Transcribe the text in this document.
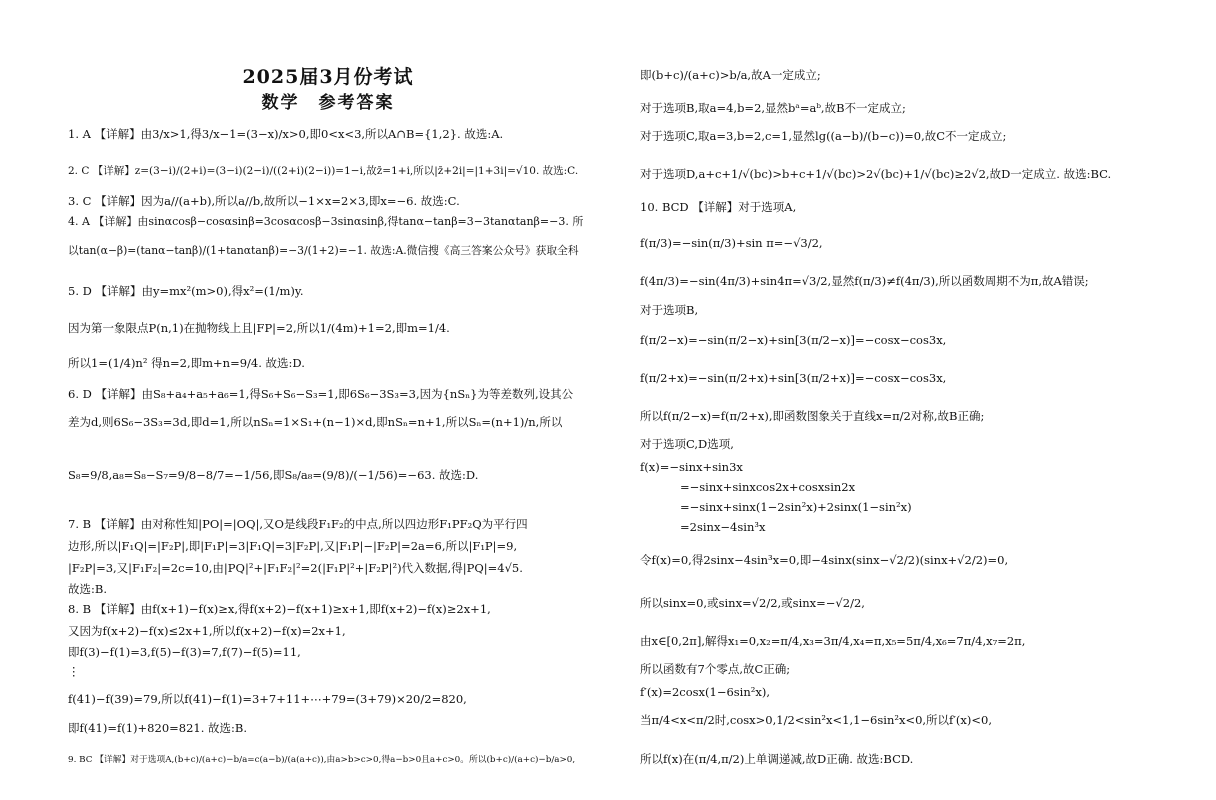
2025届3月份考试
数学　参考答案
1. A 【详解】由3/x>1,得3/x−1=(3−x)/x>0,即0<x<3,所以A∩B={1,2}. 故选:A.
2. C 【详解】z=(3−i)/(2+i)=(3−i)(2−i)/((2+i)(2−i))=1−i,故z̄=1+i,所以|z̄+2i|=|1+3i|=√10. 故选:C.
3. C 【详解】因为a//(a+b),所以a//b,故所以−1×x=2×3,即x=−6. 故选:C.
4. A 【详解】由sinαcosβ−cosαsinβ=3cosαcosβ−3sinαsinβ,得tanα−tanβ=3−3tanαtanβ=−3. 所
以tan(α−β)=(tanα−tanβ)/(1+tanαtanβ)=−3/(1+2)=−1. 故选:A.微信搜《高三答案公众号》获取全科
5. D 【详解】由y=mx²(m>0),得x²=(1/m)y.
因为第一象限点P(n,1)在抛物线上且|FP|=2,所以1/(4m)+1=2,即m=1/4.
所以1=(1/4)n² 得n=2,即m+n=9/4. 故选:D.
6. D 【详解】由S₈+a₄+a₅+a₆=1,得S₆+S₆−S₃=1,即6S₆−3S₃=3,因为{nSₙ}为等差数列,设其公
差为d,则6S₆−3S₃=3d,即d=1,所以nSₙ=1×S₁+(n−1)×d,即nSₙ=n+1,所以Sₙ=(n+1)/n,所以
S₈=9/8,a₈=S₈−S₇=9/8−8/7=−1/56,即S₈/a₈=(9/8)/(−1/56)=−63. 故选:D.
7. B 【详解】由对称性知|PO|=|OQ|,又O是线段F₁F₂的中点,所以四边形F₁PF₂Q为平行四
边形,所以|F₁Q|=|F₂P|,即|F₁P|=3|F₁Q|=3|F₂P|,又|F₁P|−|F₂P|=2a=6,所以|F₁P|=9,
|F₂P|=3,又|F₁F₂|=2c=10,由|PQ|²+|F₁F₂|²=2(|F₁P|²+|F₂P|²)代入数据,得|PQ|=4√5.
故选:B.
8. B 【详解】由f(x+1)−f(x)≥x,得f(x+2)−f(x+1)≥x+1,即f(x+2)−f(x)≥2x+1,
又因为f(x+2)−f(x)≤2x+1,所以f(x+2)−f(x)=2x+1,
即f(3)−f(1)=3,f(5)−f(3)=7,f(7)−f(5)=11,
⋮
f(41)−f(39)=79,所以f(41)−f(1)=3+7+11+⋯+79=(3+79)×20/2=820,
即f(41)=f(1)+820=821. 故选:B.
9. BC 【详解】对于选项A,(b+c)/(a+c)−b/a=c(a−b)/(a(a+c)),由a>b>c>0,得a−b>0且a+c>0。所以(b+c)/(a+c)−b/a>0,
即(b+c)/(a+c)>b/a,故A一定成立;
对于选项B,取a=4,b=2,显然bᵃ=aᵇ,故B不一定成立;
对于选项C,取a=3,b=2,c=1,显然lg((a−b)/(b−c))=0,故C不一定成立;
对于选项D,a+c+1/√(bc)>b+c+1/√(bc)>2√(bc)+1/√(bc)≥2√2,故D一定成立. 故选:BC.
10. BCD 【详解】对于选项A,
f(π/3)=−sin(π/3)+sin π=−√3/2,
f(4π/3)=−sin(4π/3)+sin4π=√3/2,显然f(π/3)≠f(4π/3),所以函数周期不为π,故A错误;
对于选项B,
f(π/2−x)=−sin(π/2−x)+sin[3(π/2−x)]=−cosx−cos3x,
f(π/2+x)=−sin(π/2+x)+sin[3(π/2+x)]=−cosx−cos3x,
所以f(π/2−x)=f(π/2+x),即函数图象关于直线x=π/2对称,故B正确;
对于选项C,D选项,
f(x)=−sinx+sin3x
=−sinx+sinxcos2x+cosxsin2x
=−sinx+sinx(1−2sin²x)+2sinx(1−sin²x)
=2sinx−4sin³x
令f(x)=0,得2sinx−4sin³x=0,即−4sinx(sinx−√2/2)(sinx+√2/2)=0,
所以sinx=0,或sinx=√2/2,或sinx=−√2/2,
由x∈[0,2π],解得x₁=0,x₂=π/4,x₃=3π/4,x₄=π,x₅=5π/4,x₆=7π/4,x₇=2π,
所以函数有7个零点,故C正确;
f′(x)=2cosx(1−6sin²x),
当π/4<x<π/2时,cosx>0,1/2<sin²x<1,1−6sin²x<0,所以f′(x)<0,
所以f(x)在(π/4,π/2)上单调递减,故D正确. 故选:BCD.
